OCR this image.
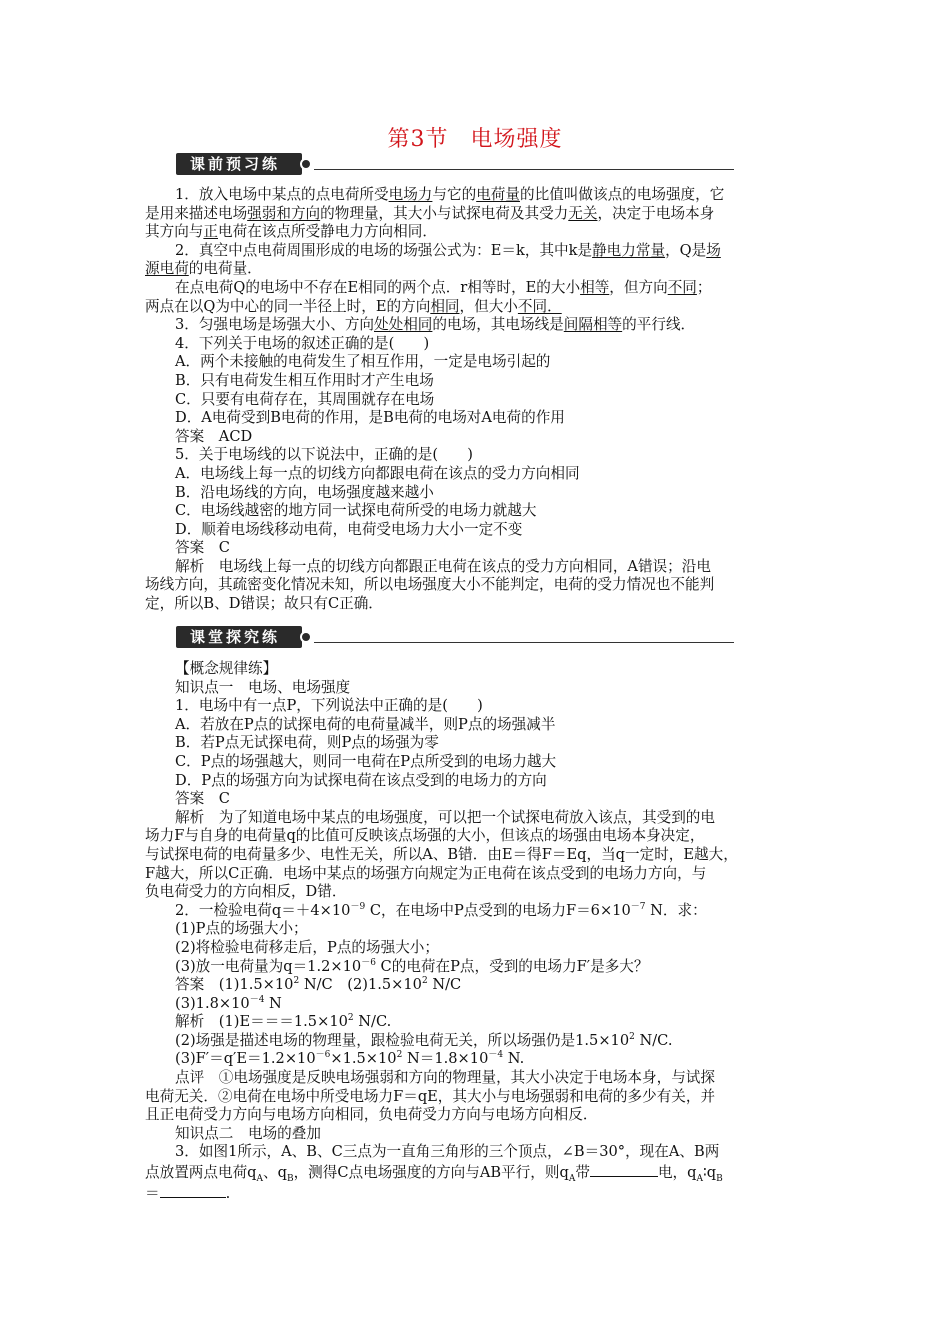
第3节 电场强度
课前预习练

1．放入电场中某点的点电荷所受电场力与它的电荷量的比值叫做该点的电场强度，它

是用来描述电场强弱和方向的物理量，其大小与试探电荷及其受力无关，决定于电场本身

其方向与正电荷在该点所受静电力方向相同．

2．真空中点电荷周围形成的电场的场强公式为：E＝k，其中k是静电力常量，Q是场

源电荷的电荷量．

在点电荷Q的电场中不存在E相同的两个点．r相等时，E的大小相等，但方向不同；

两点在以Q为中心的同一半径上时，E的方向相同，但大小不同．

3．匀强电场是场强大小、方向处处相同的电场，其电场线是间隔相等的平行线．

4．下列关于电场的叙述正确的是(　　)

A．两个未接触的电荷发生了相互作用，一定是电场引起的

B．只有电荷发生相互作用时才产生电场

C．只要有电荷存在，其周围就存在电场

D．A电荷受到B电荷的作用，是B电荷的电场对A电荷的作用

答案　ACD

5．关于电场线的以下说法中，正确的是(　　)

A．电场线上每一点的切线方向都跟电荷在该点的受力方向相同

B．沿电场线的方向，电场强度越来越小

C．电场线越密的地方同一试探电荷所受的电场力就越大

D．顺着电场线移动电荷，电荷受电场力大小一定不变

答案　C

解析　电场线上每一点的切线方向都跟正电荷在该点的受力方向相同，A错误；沿电

场线方向，其疏密变化情况未知，所以电场强度大小不能判定，电荷的受力情况也不能判

定，所以B、D错误；故只有C正确．

课堂探究练

【概念规律练】

知识点一　电场、电场强度

1．电场中有一点P，下列说法中正确的是(　　)

A．若放在P点的试探电荷的电荷量减半，则P点的场强减半

B．若P点无试探电荷，则P点的场强为零

C．P点的场强越大，则同一电荷在P点所受到的电场力越大

D．P点的场强方向为试探电荷在该点受到的电场力的方向

答案　C

解析　为了知道电场中某点的电场强度，可以把一个试探电荷放入该点，其受到的电

场力F与自身的电荷量q的比值可反映该点场强的大小，但该点的场强由电场本身决定，

与试探电荷的电荷量多少、电性无关，所以A、B错．由E＝得F＝Eq，当q一定时，E越大，

F越大，所以C正确．电场中某点的场强方向规定为正电荷在该点受到的电场力方向，与

负电荷受力的方向相反，D错．

2．一检验电荷$q=+4\times 10^{-9}$ C，在电场中P点受到的电场力$F=6\times 10^{-7}$ N．求：

(1)P点的场强大小；

(2)将检验电荷移走后，P点的场强大小；

(3)放一电荷量为$q=1.2\times 10^{-6}$ C的电荷在P点，受到的电场力F′是多大？

答案　$(1)1.5\times 10^2$ N/C　$(2)1.5\times 10^2$ N/C

$(3)1.8\times 10^{-4}$ N

解析　$(1)E===1.5\times 10^2$ N/C.

(2)场强是描述电场的物理量，跟检验电荷无关，所以场强仍是$1.5\times 10^2$ N/C.

$(3)F'=q'E=1.2\times 10^{-6}\times 1.5\times 10^2$ $N=1.8\times 10^{-4}$ N.

点评　①电场强度是反映电场强弱和方向的物理量，其大小决定于电场本身，与试探

电荷无关．②电荷在电场中所受电场力F＝qE，其大小与电场强弱和电荷的多少有关，并

且正电荷受力方向与电场方向相同，负电荷受力方向与电场方向相反．

知识点二　电场的叠加

3．如图1所示，A、B、C三点为一直角三角形的三个顶点，∠B＝30°，现在A、B两

点放置两点电荷$q_A$、$q_B$，测得C点电场强度的方向与AB平行，则$q_A$带	电，$q_A∶q_B$

＝	.
